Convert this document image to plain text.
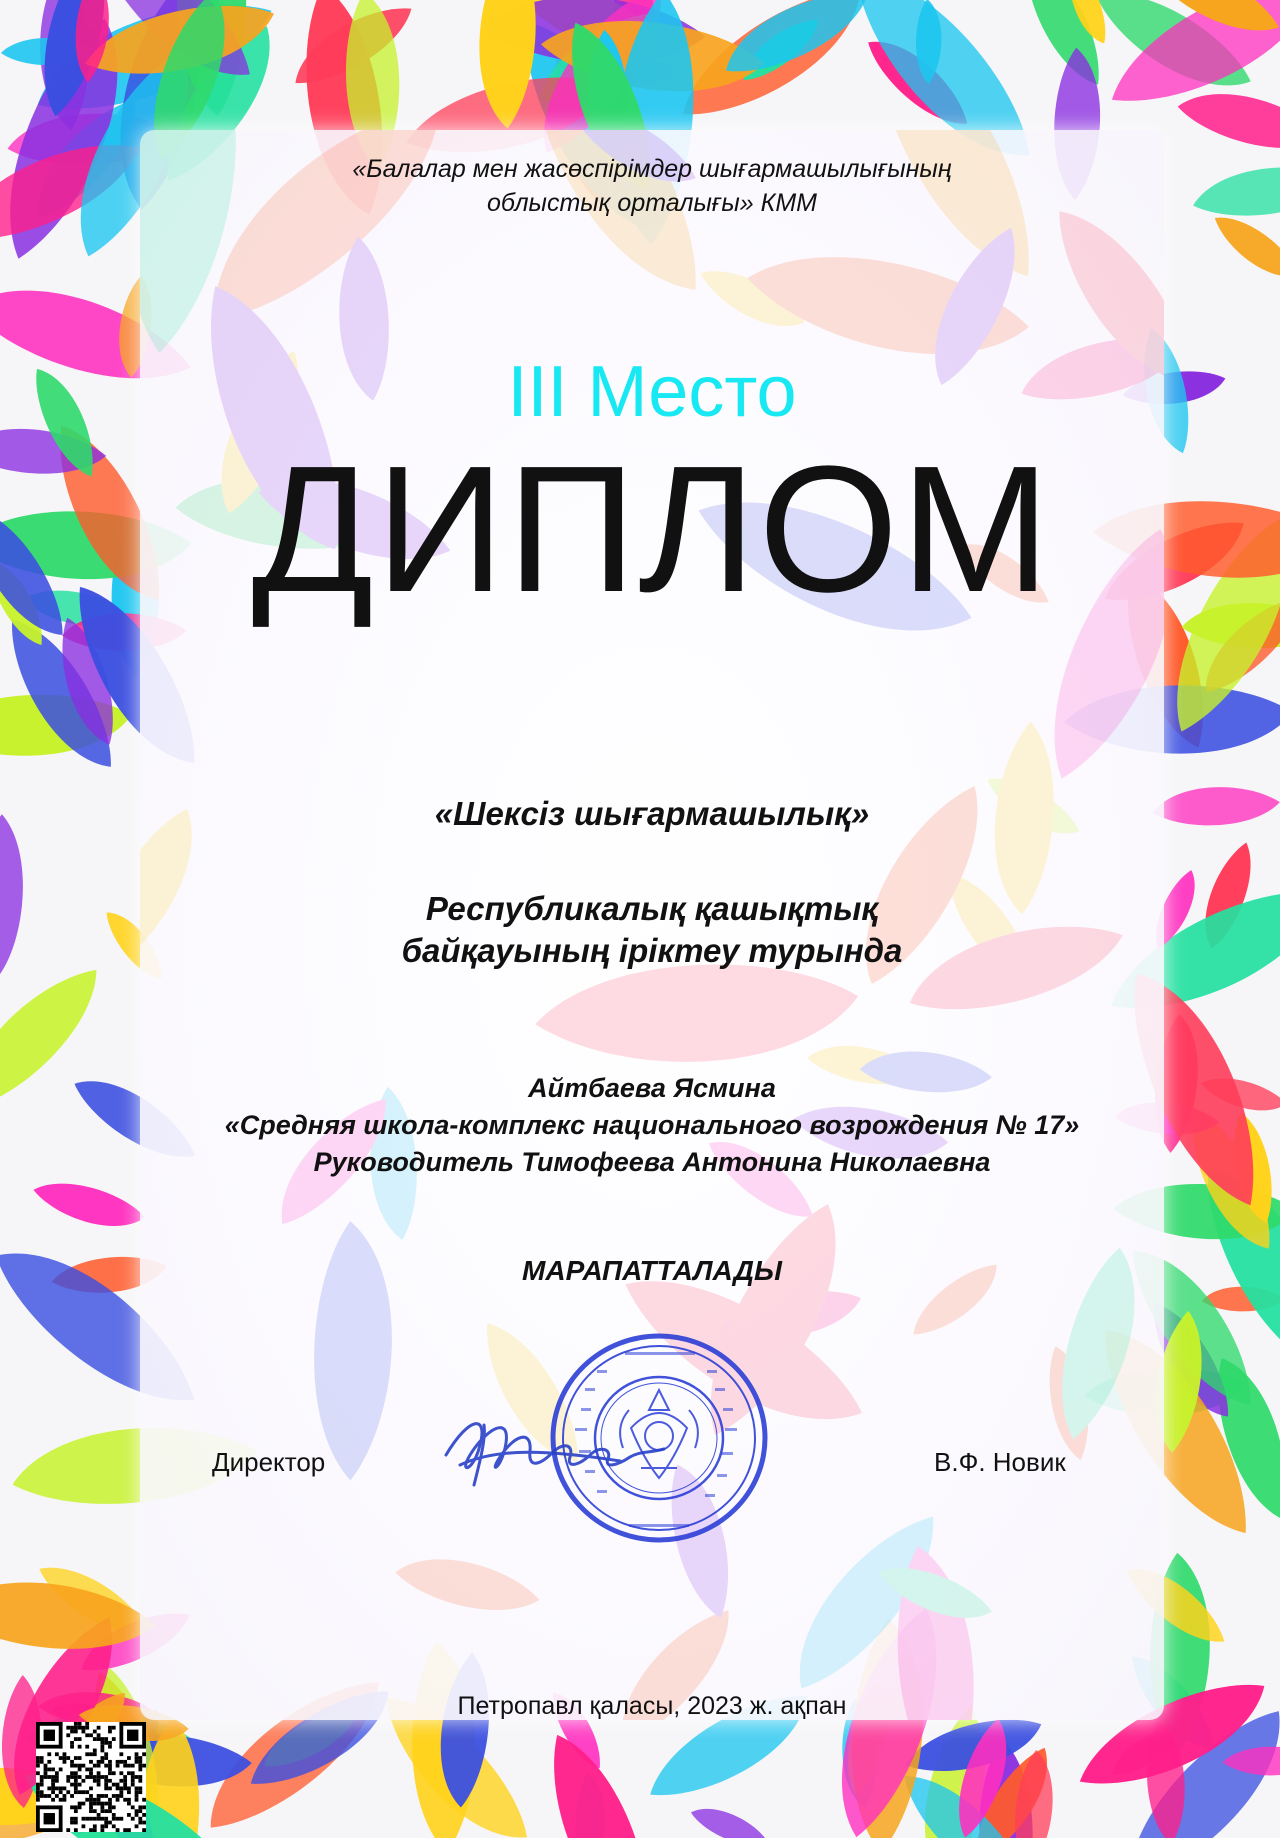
«Балалар мен жасөспірімдер шығармашылығының
облыстық орталығы» КММ
III Место
ДИПЛОМ
«Шексіз шығармашылық»
Республикалық қашықтық
байқауының іріктеу турында
Айтбаева Ясмина
«Средняя школа-комплекс национального возрождения № 17»
Руководитель Тимофеева Антонина Николаевна
МАРАПАТТАЛАДЫ
Директор	В.Ф. Новик
Петропавл қаласы, 2023 ж. ақпан
